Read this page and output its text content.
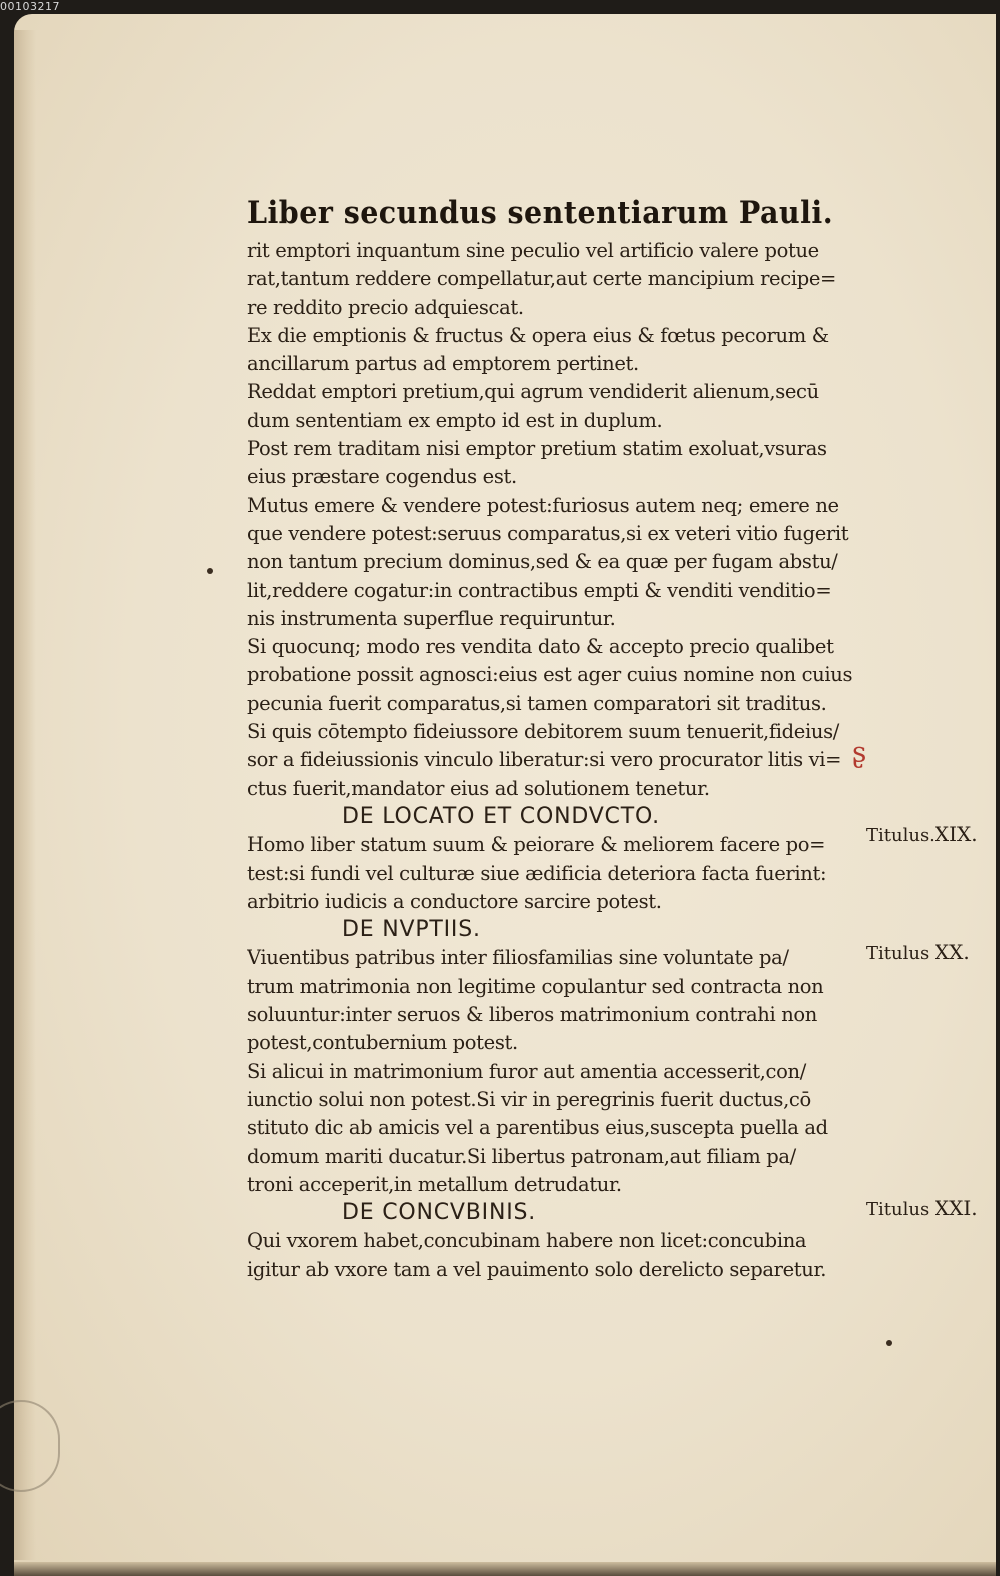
00103217
Liber secundus sententiarum Pauli.
rit emptori inquantum sine peculio vel artificio valere potue
rat,tantum reddere compellatur,aut certe mancipium recipe=
re reddito precio adquiescat.
Ex die emptionis & fructus & opera eius & fœtus pecorum &
ancillarum partus ad emptorem pertinet.
Reddat emptori pretium,qui agrum vendiderit alienum,secū
dum sententiam ex empto id est in duplum.
Post rem traditam nisi emptor pretium statim exoluat,vsuras
eius præstare cogendus est.
Mutus emere & vendere potest:furiosus autem neq; emere ne
que vendere potest:seruus comparatus,si ex veteri vitio fugerit
non tantum precium dominus,sed & ea quæ per fugam abstu/
lit,reddere cogatur:in contractibus empti & venditi venditio=
nis instrumenta superflue requiruntur.
Si quocunq; modo res vendita dato & accepto precio qualibet
probatione possit agnosci:eius est ager cuius nomine non cuius
pecunia fuerit comparatus,si tamen comparatori sit traditus.
Si quis cōtempto fideiussore debitorem suum tenuerit,fideius/
sor a fideiussionis vinculo liberatur:si vero procurator litis vi=
ctus fuerit,mandator eius ad solutionem tenetur.
DE LOCATO ET CONDVCTO.
Homo liber statum suum & peiorare & meliorem facere po=
test:si fundi vel culturæ siue ædificia deteriora facta fuerint:
arbitrio iudicis a conductore sarcire potest.
DE NVPTIIS.
Viuentibus patribus inter filiosfamilias sine voluntate pa/
trum matrimonia non legitime copulantur sed contracta non
soluuntur:inter seruos & liberos matrimonium contrahi non
potest,contubernium potest.
Si alicui in matrimonium furor aut amentia accesserit,con/
iunctio solui non potest.Si vir in peregrinis fuerit ductus,cō
stituto dic ab amicis vel a parentibus eius,suscepta puella ad
domum mariti ducatur.Si libertus patronam,aut filiam pa/
troni acceperit,in metallum detrudatur.
DE CONCVBINIS.
Qui vxorem habet,concubinam habere non licet:concubina
igitur ab vxore tam a vel pauimento solo derelicto separetur.
Titulus.XIX.
Titulus XX.
Titulus XXI.
ʂ
